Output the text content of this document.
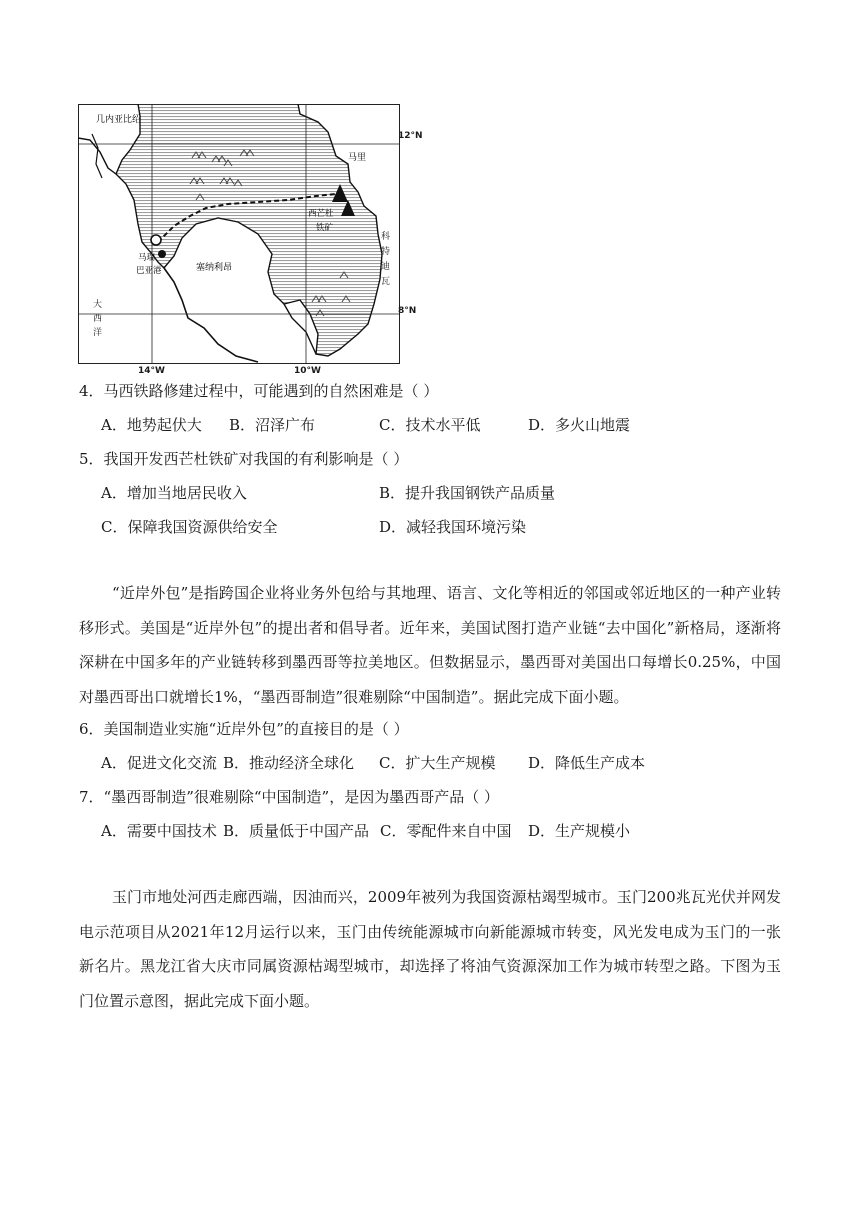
几内亚比绍
马里
西芒杜
铁矿
马瑞
巴亚港	塞纳利昂
12°N
8°N
14°W	10°W
科
特
迪
瓦
大
西
洋
4．马西铁路修建过程中，可能遇到的自然困难是（ ）
A．地势起伏大 B．沼泽广布	C．技术水平低	D．多火山地震
5．我国开发西芒杜铁矿对我国的有利影响是（ ）
A．增加当地居民收入	B．提升我国钢铁产品质量
C．保障我国资源供给安全	D．减轻我国环境污染

“近岸外包”是指跨国企业将业务外包给与其地理、语言、文化等相近的邻国或邻近地区的一种产业转移形式。美国是“近岸外包”的提出者和倡导者。近年来，美国试图打造产业链“去中国化”新格局，逐渐将深耕在中国多年的产业链转移到墨西哥等拉美地区。但数据显示，墨西哥对美国出口每增长0.25%，中国对墨西哥出口就增长1%，“墨西哥制造”很难剔除“中国制造”。据此完成下面小题。

6．美国制造业实施“近岸外包”的直接目的是（ ）
A．促进文化交流 B．推动经济全球化 C．扩大生产规模 D．降低生产成本
7．“墨西哥制造”很难剔除“中国制造”，是因为墨西哥产品（ ）
A．需要中国技术 B．质量低于中国产品 C．零配件来自中国 D．生产规模小

玉门市地处河西走廊西端，因油而兴，2009年被列为我国资源枯竭型城市。玉门200兆瓦光伏并网发电示范项目从2021年12月运行以来，玉门由传统能源城市向新能源城市转变，风光发电成为玉门的一张新名片。黑龙江省大庆市同属资源枯竭型城市，却选择了将油气资源深加工作为城市转型之路。下图为玉门位置示意图，据此完成下面小题。
